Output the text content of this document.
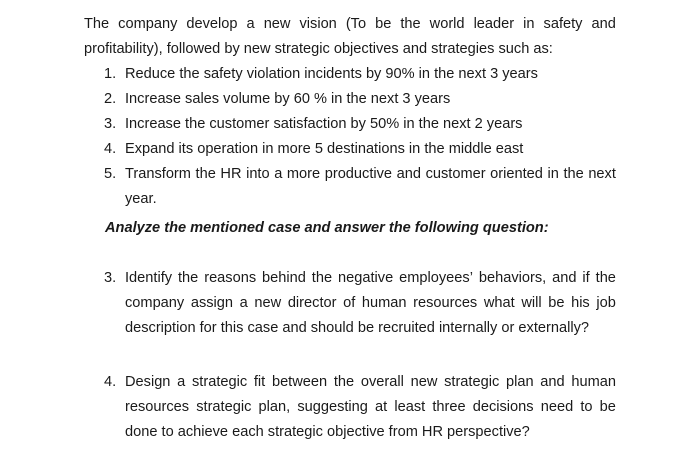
The company develop a new vision (To be the world leader in safety and
profitability), followed by new strategic objectives and strategies such as:
1. Reduce the safety violation incidents by 90% in the next 3 years
2. Increase sales volume by 60 % in the next 3 years
3. Increase the customer satisfaction by 50% in the next 2 years
4. Expand its operation in more 5 destinations in the middle east
5. Transform the HR into a more productive and customer oriented in the next
year.

Analyze the mentioned case and answer the following question:

3. Identify the reasons behind the negative employees’ behaviors, and if the
company assign a new director of human resources what will be his job
description for this case and should be recruited internally or externally?
4. Design a strategic fit between the overall new strategic plan and human
resources strategic plan, suggesting at least three decisions need to be
done to achieve each strategic objective from HR perspective?
